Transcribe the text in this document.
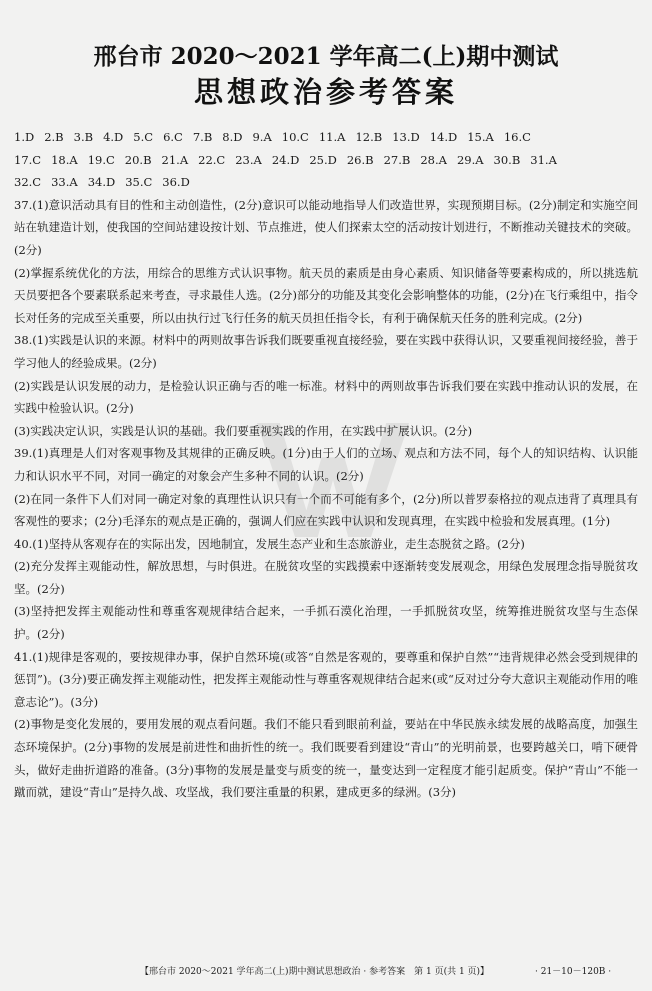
邢台市 2020～2021 学年高二(上)期中测试
思想政治参考答案
1.D 2.B 3.B 4.D 5.C 6.C 7.B 8.D 9.A 10.C 11.A 12.B 13.D 14.D 15.A 16.C
17.C 18.A 19.C 20.B 21.A 22.C 23.A 24.D 25.D 26.B 27.B 28.A 29.A 30.B 31.A
32.C 33.A 34.D 35.C 36.D

37.(1)意识活动具有目的性和主动创造性，(2分)意识可以能动地指导人们改造世界，实现预期目标。(2分)制定和实施空间站在轨建造计划，使我国的空间站建设按计划、节点推进，使人们探索太空的活动按计划进行，不断推动关键技术的突破。(2分)

(2)掌握系统优化的方法，用综合的思维方式认识事物。航天员的素质是由身心素质、知识储备等要素构成的，所以挑选航天员要把各个要素联系起来考查，寻求最佳人选。(2分)部分的功能及其变化会影响整体的功能，(2分)在飞行乘组中，指令长对任务的完成至关重要，所以由执行过飞行任务的航天员担任指令长，有利于确保航天任务的胜利完成。(2分)

38.(1)实践是认识的来源。材料中的两则故事告诉我们既要重视直接经验，要在实践中获得认识，又要重视间接经验，善于学习他人的经验成果。(2分)

(2)实践是认识发展的动力，是检验认识正确与否的唯一标准。材料中的两则故事告诉我们要在实践中推动认识的发展，在实践中检验认识。(2分)

(3)实践决定认识，实践是认识的基础。我们要重视实践的作用，在实践中扩展认识。(2分)

39.(1)真理是人们对客观事物及其规律的正确反映。(1分)由于人们的立场、观点和方法不同，每个人的知识结构、认识能力和认识水平不同，对同一确定的对象会产生多种不同的认识。(2分)

(2)在同一条件下人们对同一确定对象的真理性认识只有一个而不可能有多个，(2分)所以普罗泰格拉的观点违背了真理具有客观性的要求；(2分)毛泽东的观点是正确的，强调人们应在实践中认识和发现真理，在实践中检验和发展真理。(1分)

40.(1)坚持从客观存在的实际出发，因地制宜，发展生态产业和生态旅游业，走生态脱贫之路。(2分)

(2)充分发挥主观能动性，解放思想，与时俱进。在脱贫攻坚的实践摸索中逐渐转变发展观念，用绿色发展理念指导脱贫攻坚。(2分)

(3)坚持把发挥主观能动性和尊重客观规律结合起来，一手抓石漠化治理，一手抓脱贫攻坚，统筹推进脱贫攻坚与生态保护。(2分)

41.(1)规律是客观的，要按规律办事，保护自然环境(或答“自然是客观的，要尊重和保护自然”“违背规律必然会受到规律的惩罚”)。(3分)要正确发挥主观能动性，把发挥主观能动性与尊重客观规律结合起来(或“反对过分夸大意识主观能动作用的唯意志论”)。(3分)

(2)事物是变化发展的，要用发展的观点看问题。我们不能只看到眼前利益，要站在中华民族永续发展的战略高度，加强生态环境保护。(2分)事物的发展是前进性和曲折性的统一。我们既要看到建设“青山”的光明前景，也要跨越关口，啃下硬骨头，做好走曲折道路的准备。(3分)事物的发展是量变与质变的统一，量变达到一定程度才能引起质变。保护“青山”不能一蹴而就，建设“青山”是持久战、攻坚战，我们要注重量的积累，建成更多的绿洲。(3分)

【邢台市 2020～2021 学年高二(上)期中测试思想政治 · 参考答案　第 1 页(共 1 页)】	· 21－10－120B ·
